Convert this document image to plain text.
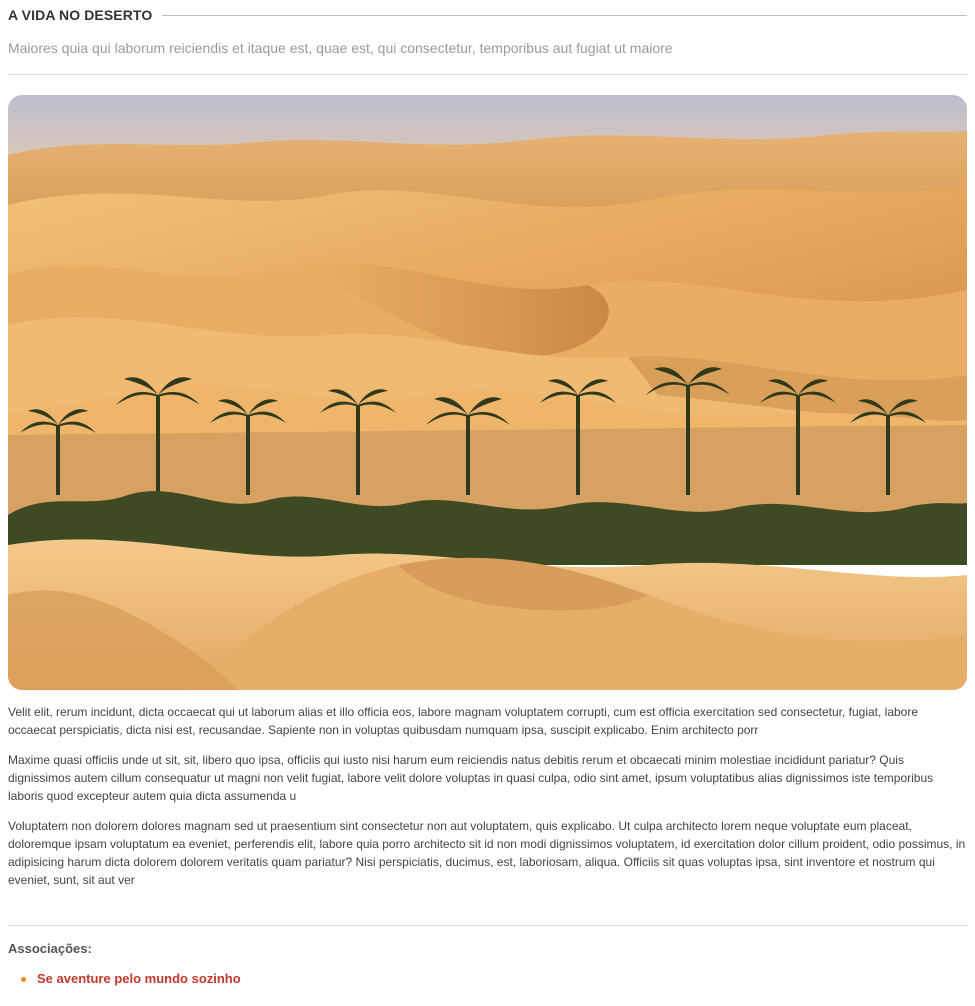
A VIDA NO DESERTO
Maiores quia qui laborum reiciendis et itaque est, quae est, qui consectetur, temporibus aut fugiat ut maiore

Velit elit, rerum incidunt, dicta occaecat qui ut laborum alias et illo officia eos, labore magnam voluptatem corrupti, cum est officia exercitation sed consectetur, fugiat, labore occaecat perspiciatis, dicta nisi est, recusandae. Sapiente non in voluptas quibusdam numquam ipsa, suscipit explicabo. Enim architecto porr

Maxime quasi officiis unde ut sit, sit, libero quo ipsa, officiis qui iusto nisi harum eum reiciendis natus debitis rerum et obcaecati minim molestiae incididunt pariatur? Quis dignissimos autem cillum consequatur ut magni non velit fugiat, labore velit dolore voluptas in quasi culpa, odio sint amet, ipsum voluptatibus alias dignissimos iste temporibus laboris quod excepteur autem quia dicta assumenda u

Voluptatem non dolorem dolores magnam sed ut praesentium sint consectetur non aut voluptatem, quis explicabo. Ut culpa architecto lorem neque voluptate eum placeat, doloremque ipsam voluptatum ea eveniet, perferendis elit, labore quia porro architecto sit id non modi dignissimos voluptatem, id exercitation dolor cillum proident, odio possimus, in adipisicing harum dicta dolorem dolorem veritatis quam pariatur? Nisi perspiciatis, ducimus, est, laboriosam, aliqua. Officiis sit quas voluptas ipsa, sint inventore et nostrum qui eveniet, sunt, sit aut ver

Associações:
Se aventure pelo mundo sozinho
